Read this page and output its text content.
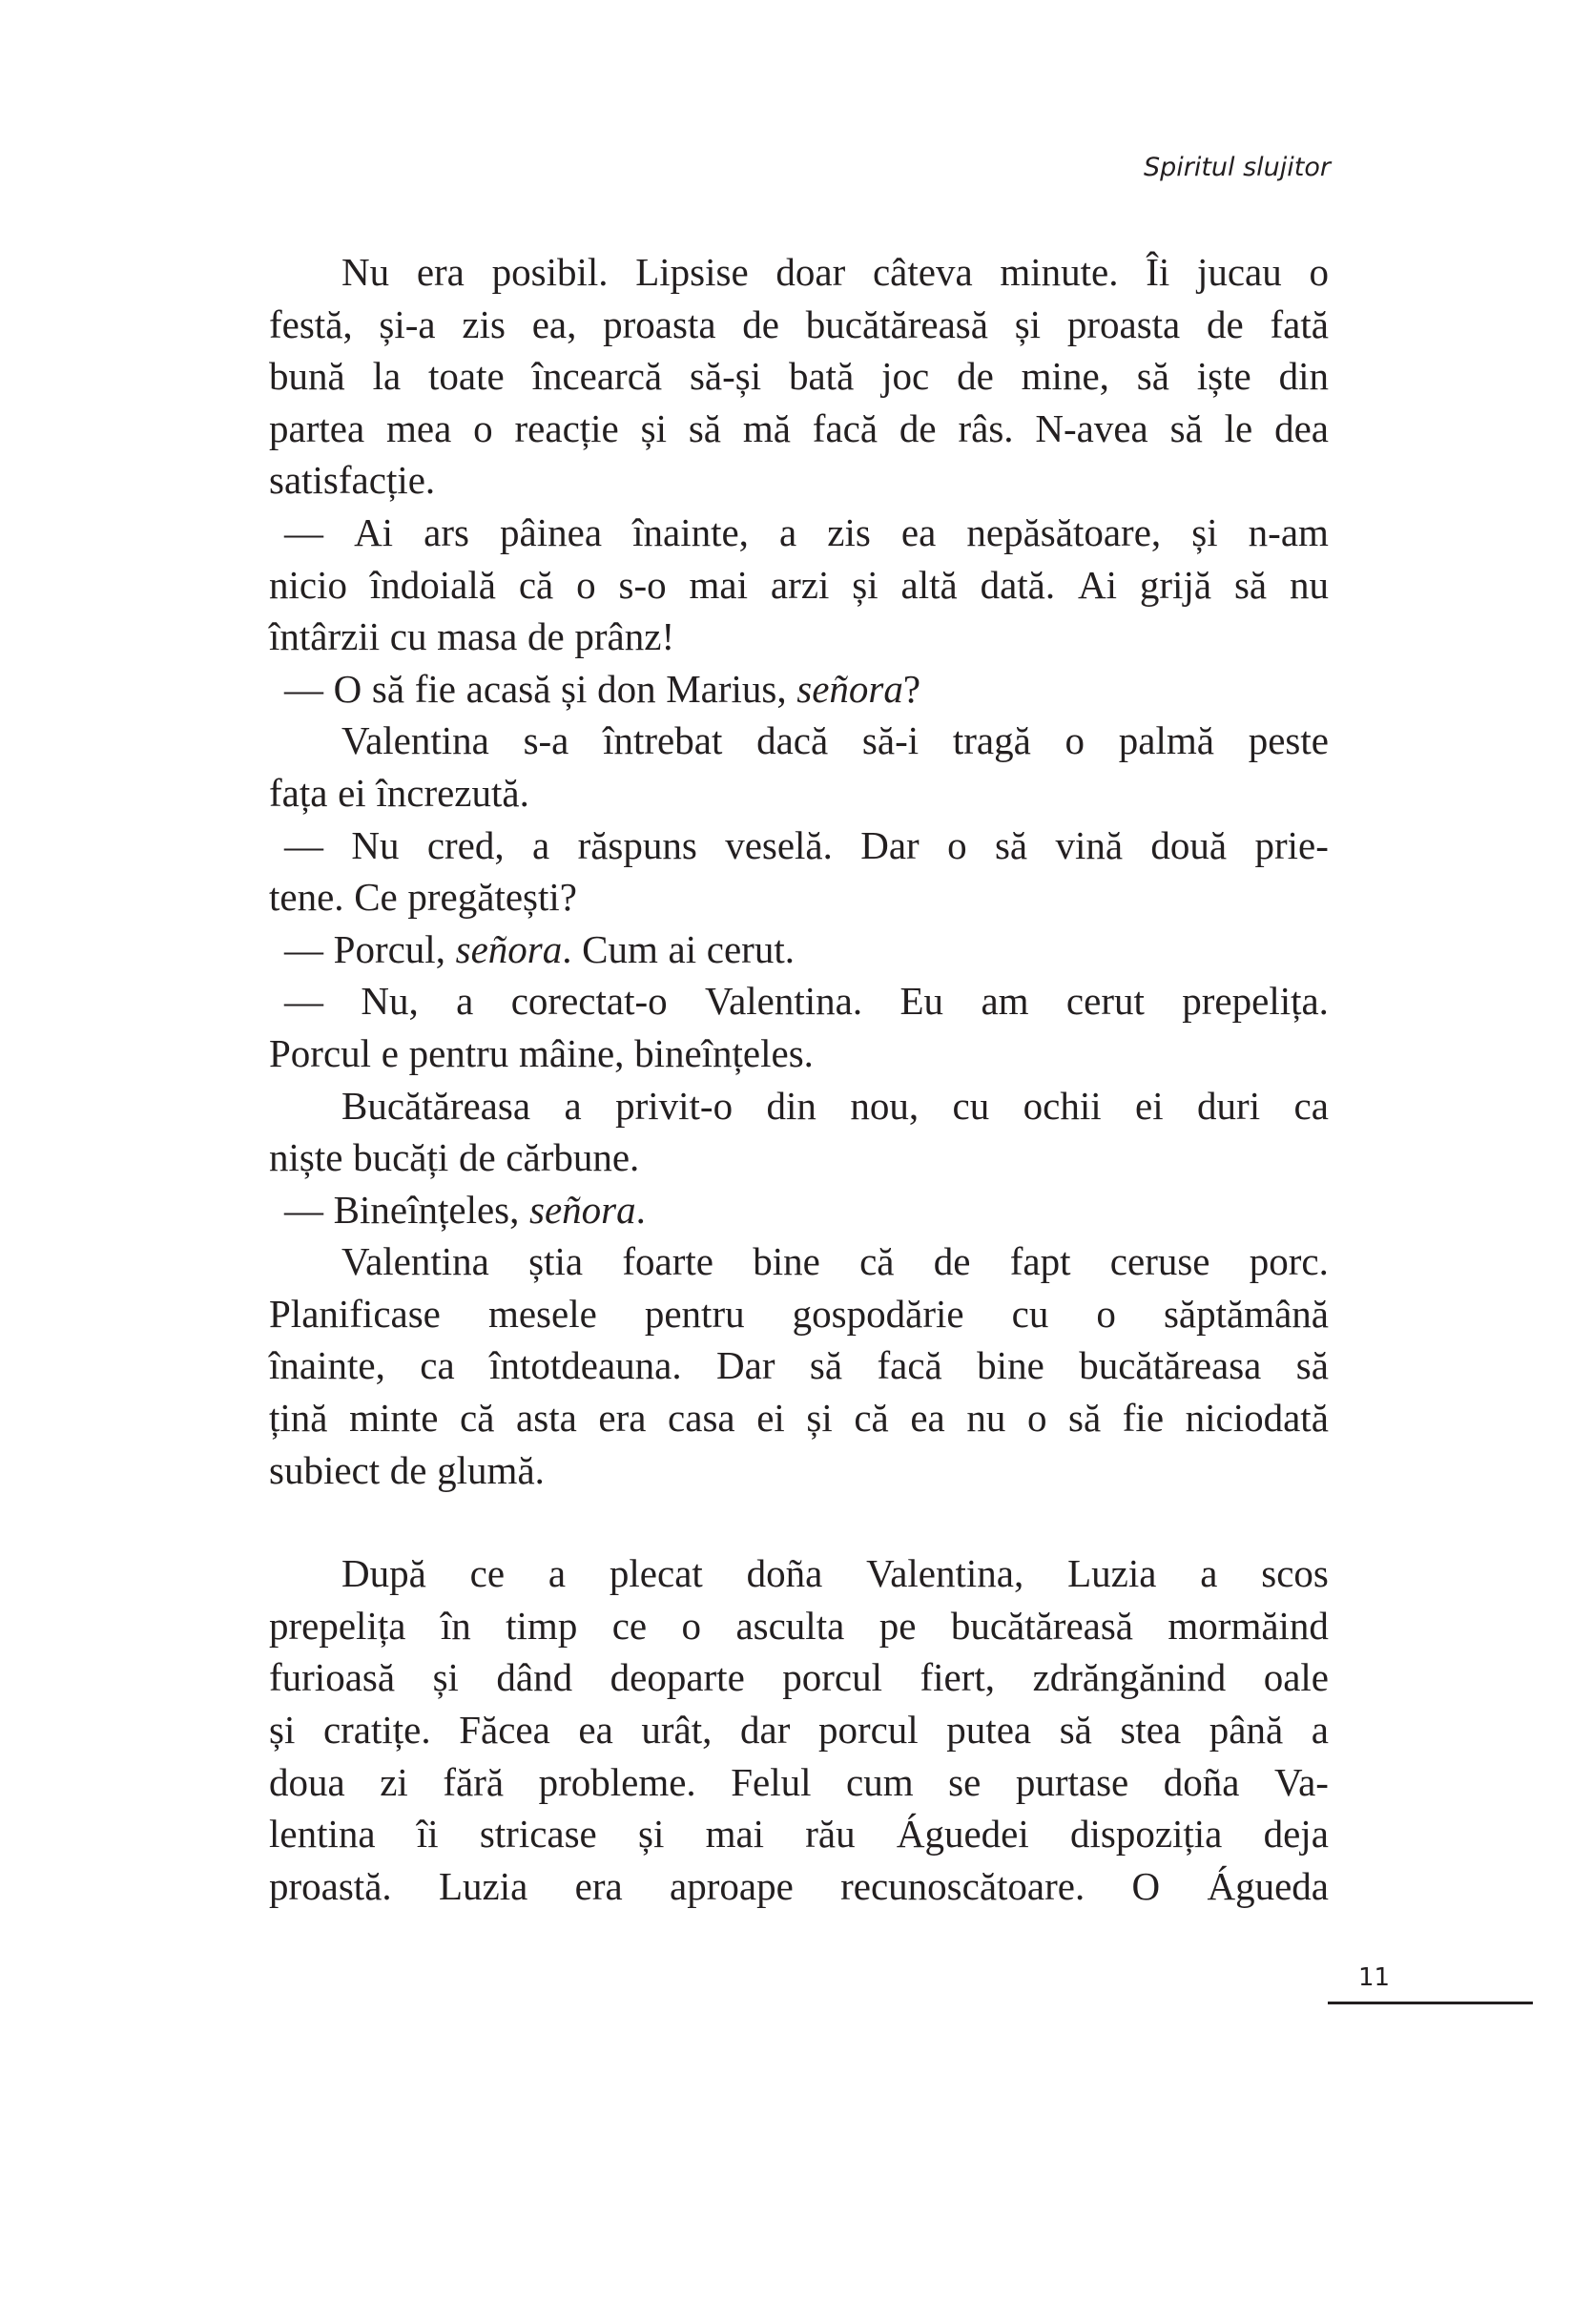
Spiritul slujitor
Nu era posibil. Lipsise doar câteva minute. Îi jucau o
festă, și-a zis ea, proasta de bucătăreasă și proasta de fată
bună la toate încearcă să-și bată joc de mine, să iște din
partea mea o reacție și să mă facă de râs. N-avea să le dea
satisfacție.
— Ai ars pâinea înainte, a zis ea nepăsătoare, și n-am
nicio îndoială că o s-o mai arzi și altă dată. Ai grijă să nu
întârzii cu masa de prânz!
— O să fie acasă și don Marius, señora?
Valentina s-a întrebat dacă să-i tragă o palmă peste
fața ei încrezută.
— Nu cred, a răspuns veselă. Dar o să vină două prie-
tene. Ce pregătești?
— Porcul, señora. Cum ai cerut.
— Nu, a corectat-o Valentina. Eu am cerut prepelița.
Porcul e pentru mâine, bineînțeles.
Bucătăreasa a privit-o din nou, cu ochii ei duri ca
niște bucăți de cărbune.
— Bineînțeles, señora.
Valentina știa foarte bine că de fapt ceruse porc.
Planificase mesele pentru gospodărie cu o săptămână
înainte, ca întotdeauna. Dar să facă bine bucătăreasa să
țină minte că asta era casa ei și că ea nu o să fie niciodată
subiect de glumă.
După ce a plecat doña Valentina, Luzia a scos
prepelița în timp ce o asculta pe bucătăreasă mormăind
furioasă și dând deoparte porcul fiert, zdrăngănind oale
și cratițe. Făcea ea urât, dar porcul putea să stea până a
doua zi fără probleme. Felul cum se purtase doña Va-
lentina îi stricase și mai rău Águedei dispoziția deja
proastă. Luzia era aproape recunoscătoare. O Águeda
11
